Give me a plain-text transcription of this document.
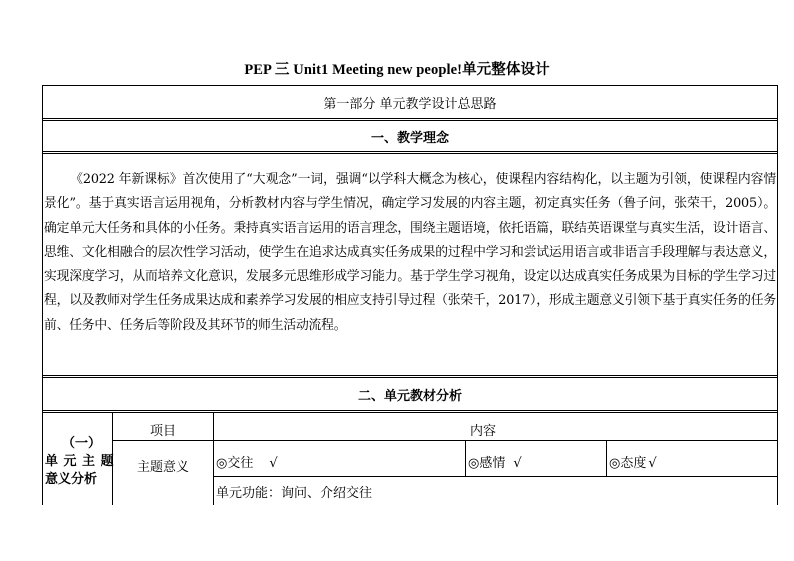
PEP 三 Unit1 Meeting new people!单元整体设计
第一部分 单元教学设计总思路
一、教学理念
《2022 年新课标》首次使用了“大观念”一词，强调“以学科大概念为核心，使课程内容结构化，以主题为引领，使课程内容情景化”。基于真实语言运用视角，分析教材内容与学生情况，确定学习发展的内容主题，初定真实任务（鲁子问，张荣干，2005）。确定单元大任务和具体的小任务。秉持真实语言运用的语言理念，围绕主题语境，依托语篇，联结英语课堂与真实生活，设计语言、思维、文化相融合的层次性学习活动，使学生在追求达成真实任务成果的过程中学习和尝试运用语言或非语言手段理解与表达意义，实现深度学习，从而培养文化意识，发展多元思维形成学习能力。基于学生学习视角，设定以达成真实任务成果为目标的学生学习过程，以及教师对学生任务成果达成和素养学习发展的相应支持引导过程（张荣千，2017），形成主题意义引领下基于真实任务的任务前、任务中、任务后等阶段及其环节的师生活动流程。
二、单元教材分析
（一）
单 元 主 题
意义分析
项目	内容
主题意义 ◎交往 √	◎感情 √	◎态度 √
单元功能：询问、介绍交往
